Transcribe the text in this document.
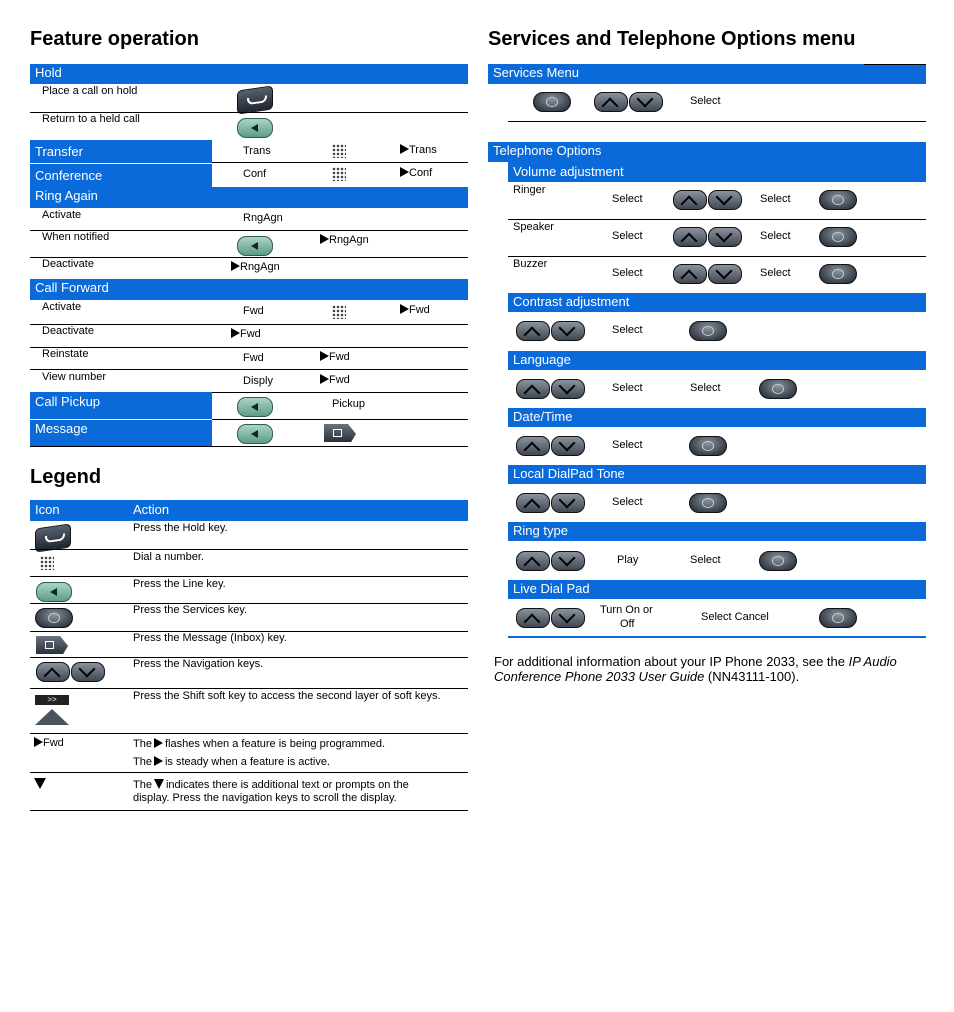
Feature operation
Hold
Place a call on hold
Return to a held call
Transfer	Trans	Trans
Conference	Conf	Conf
Ring Again
Activate	RngAgn
When notified	RngAgn
Deactivate	RngAgn
Call Forward
Activate	Fwd	Fwd
Deactivate	Fwd
Reinstate	Fwd	Fwd
View number	Disply	Fwd
Call Pickup	Pickup
Message
Legend
Icon	Action
Press the Hold key.
Dial a number.
Press the Line key.
Press the Services key.
Press the Message (Inbox) key.
Press the Navigation keys.
>>	Press the Shift soft key to access the second layer of soft keys.
Fwd	The flashes when a feature is being programmed.
The is steady when a feature is active.
The indicates there is additional text or prompts on the
display. Press the navigation keys to scroll the display.
Services and Telephone Options menu
Services Menu
Select
Telephone Options
Volume adjustment
Ringer
Select	Select
Speaker
Select	Select
Buzzer
Select	Select
Contrast adjustment
Select
Language
Select	Select
Date/Time
Select
Local DialPad Tone
Select
Ring type
Play	Select
Live Dial Pad
Turn On or
Off
Select Cancel
For additional information about your IP Phone 2033, see the IP Audio
Conference Phone 2033 User Guide (NN43111-100).
